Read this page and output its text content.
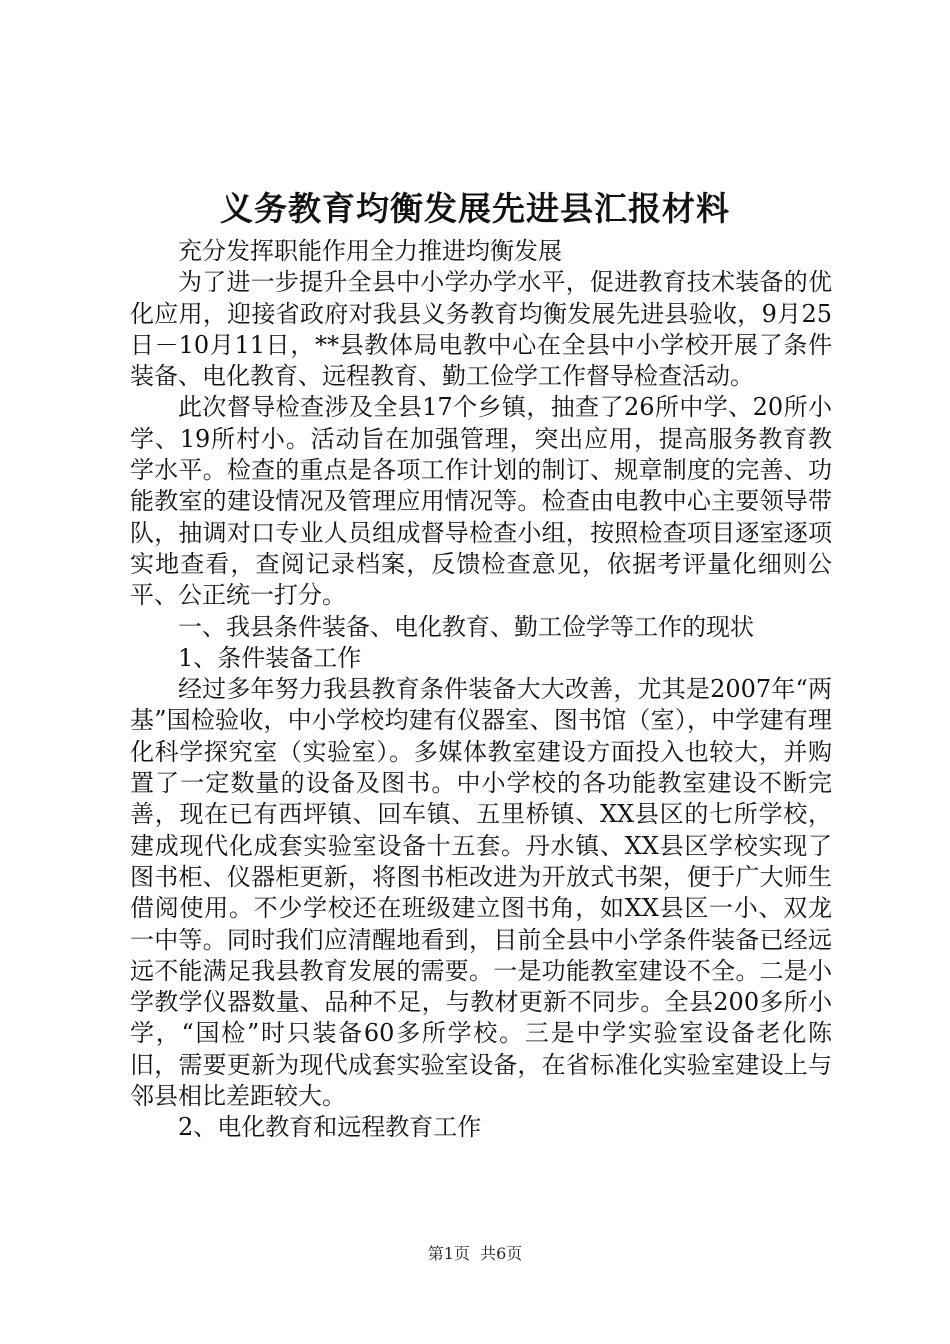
义务教育均衡发展先进县汇报材料

充分发挥职能作用全力推进均衡发展

为了进一步提升全县中小学办学水平，促进教育技术装备的优化应用，迎接省政府对我县义务教育均衡发展先进县验收，9月25日－10月11日，**县教体局电教中心在全县中小学校开展了条件装备、电化教育、远程教育、勤工俭学工作督导检查活动。

此次督导检查涉及全县17个乡镇，抽查了26所中学、20所小学、19所村小。活动旨在加强管理，突出应用，提高服务教育教学水平。检查的重点是各项工作计划的制订、规章制度的完善、功能教室的建设情况及管理应用情况等。检查由电教中心主要领导带队，抽调对口专业人员组成督导检查小组，按照检查项目逐室逐项实地查看，查阅记录档案，反馈检查意见，依据考评量化细则公平、公正统一打分。

一、我县条件装备、电化教育、勤工俭学等工作的现状

1、条件装备工作

经过多年努力我县教育条件装备大大改善，尤其是2007年“两基”国检验收，中小学校均建有仪器室、图书馆（室），中学建有理化科学探究室（实验室）。多媒体教室建设方面投入也较大，并购置了一定数量的设备及图书。中小学校的各功能教室建设不断完善，现在已有西坪镇、回车镇、五里桥镇、XX县区的七所学校，建成现代化成套实验室设备十五套。丹水镇、XX县区学校实现了图书柜、仪器柜更新，将图书柜改进为开放式书架，便于广大师生借阅使用。不少学校还在班级建立图书角，如XX县区一小、双龙一中等。同时我们应清醒地看到，目前全县中小学条件装备已经远远不能满足我县教育发展的需要。一是功能教室建设不全。二是小学教学仪器数量、品种不足，与教材更新不同步。全县200多所小学，“国检”时只装备60多所学校。三是中学实验室设备老化陈旧，需要更新为现代成套实验室设备，在省标准化实验室建设上与邻县相比差距较大。

2、电化教育和远程教育工作

第1页 共6页
